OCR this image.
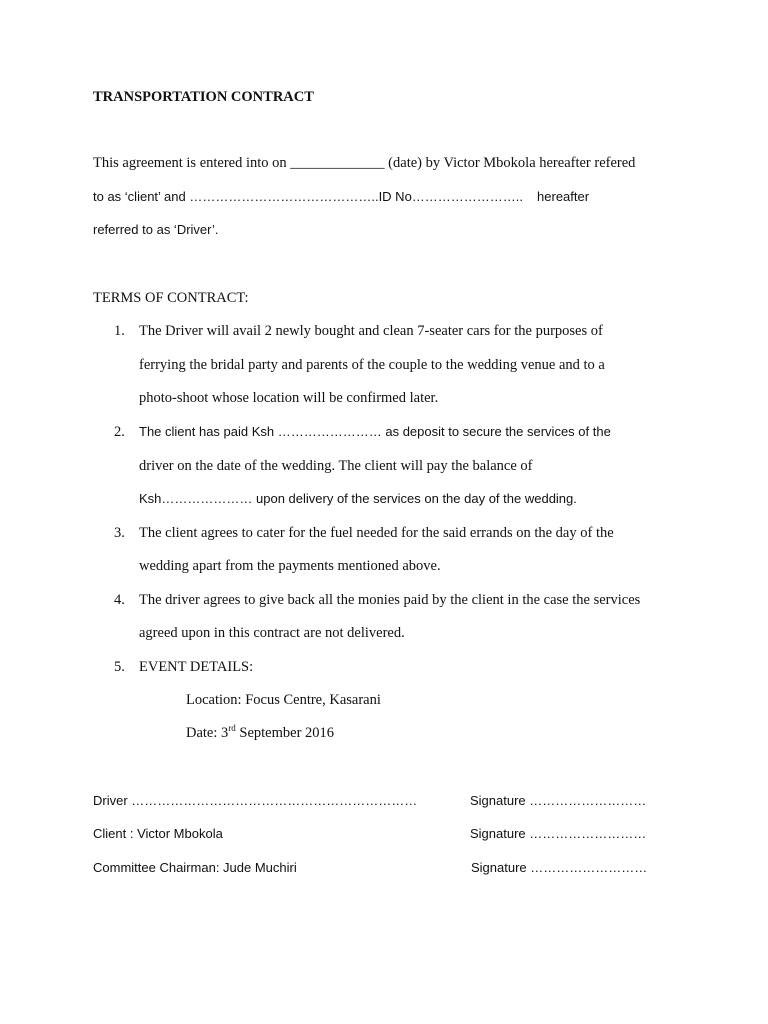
TRANSPORTATION CONTRACT
This agreement is entered into on _____________ (date) by Victor Mbokola hereafter refered
to as ‘client’ and ……………………………………..ID No…………………….. hereafter
referred to as ‘Driver’.
TERMS OF CONTRACT:
1. The Driver will avail 2 newly bought and clean 7-seater cars for the purposes of
ferrying the bridal party and parents of the couple to the wedding venue and to a
photo-shoot whose location will be confirmed later.
2. The client has paid Ksh …………………… as deposit to secure the services of the
driver on the date of the wedding. The client will pay the balance of
Ksh………………… upon delivery of the services on the day of the wedding.
3. The client agrees to cater for the fuel needed for the said errands on the day of the
wedding apart from the payments mentioned above.
4. The driver agrees to give back all the monies paid by the client in the case the services
agreed upon in this contract are not delivered.
5. EVENT DETAILS:
Location: Focus Centre, Kasarani
Date: 3rd September 2016
Driver …………………………………………………………	Signature ………………………
Client : Victor Mbokola	Signature ………………………
Committee Chairman: Jude Muchiri	Signature ………………………
